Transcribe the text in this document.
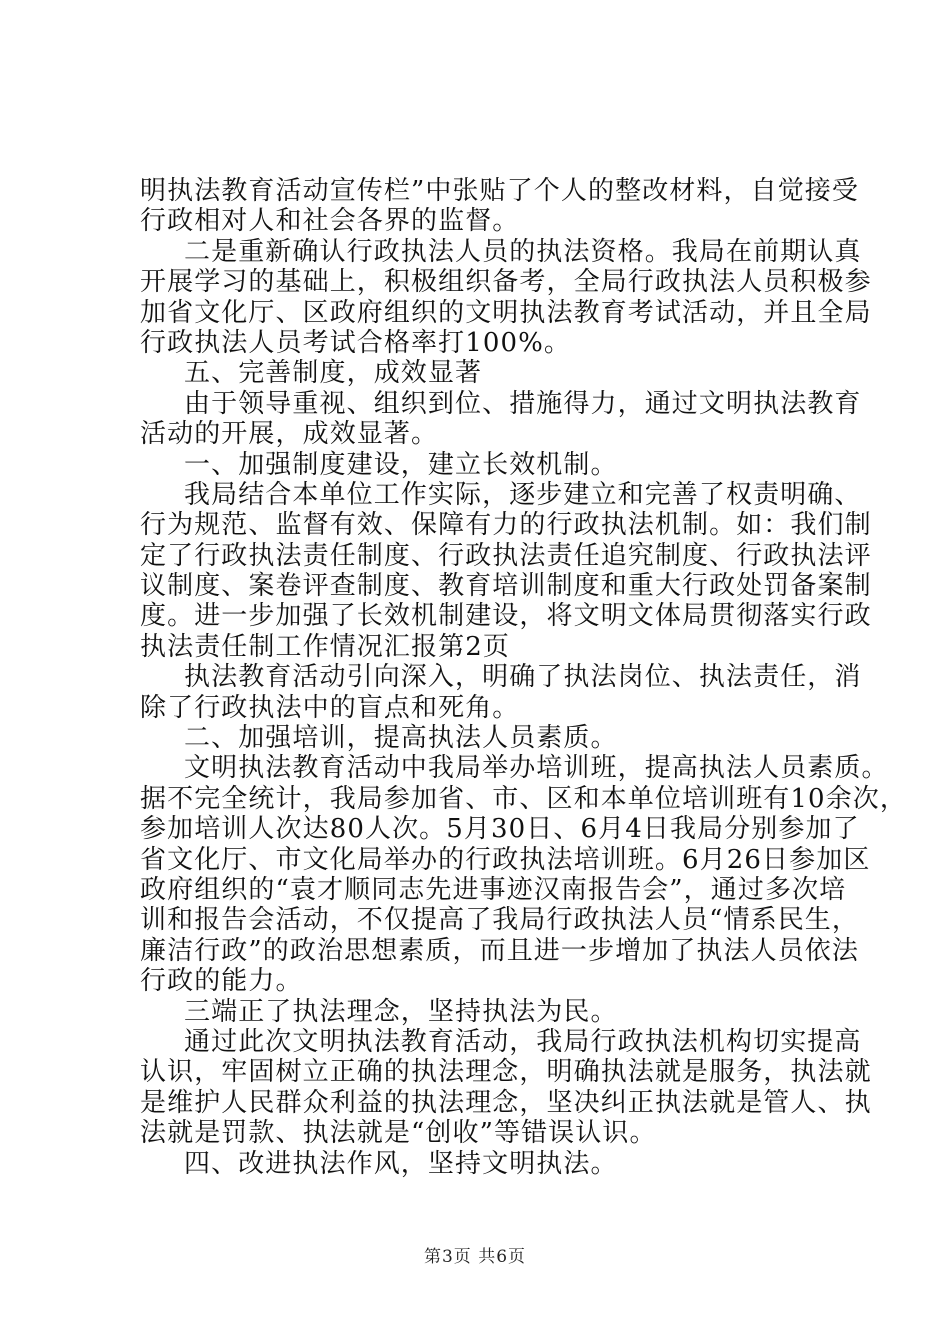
明执法教育活动宣传栏”中张贴了个人的整改材料，自觉接受
行政相对人和社会各界的监督。
二是重新确认行政执法人员的执法资格。我局在前期认真
开展学习的基础上，积极组织备考，全局行政执法人员积极参
加省文化厅、区政府组织的文明执法教育考试活动，并且全局
行政执法人员考试合格率打100%。
五、完善制度，成效显著
由于领导重视、组织到位、措施得力，通过文明执法教育
活动的开展，成效显著。
一、加强制度建设，建立长效机制。
我局结合本单位工作实际，逐步建立和完善了权责明确、
行为规范、监督有效、保障有力的行政执法机制。如：我们制
定了行政执法责任制度、行政执法责任追究制度、行政执法评
议制度、案卷评查制度、教育培训制度和重大行政处罚备案制
度。进一步加强了长效机制建设，将文明文体局贯彻落实行政
执法责任制工作情况汇报第2页
执法教育活动引向深入，明确了执法岗位、执法责任，消
除了行政执法中的盲点和死角。
二、加强培训，提高执法人员素质。
文明执法教育活动中我局举办培训班，提高执法人员素质。
据不完全统计，我局参加省、市、区和本单位培训班有10余次，
参加培训人次达80人次。5月30日、6月4日我局分别参加了
省文化厅、市文化局举办的行政执法培训班。6月26日参加区
政府组织的“袁才顺同志先进事迹汉南报告会”，通过多次培
训和报告会活动，不仅提高了我局行政执法人员“情系民生，
廉洁行政”的政治思想素质，而且进一步增加了执法人员依法
行政的能力。
三端正了执法理念，坚持执法为民。
通过此次文明执法教育活动，我局行政执法机构切实提高
认识，牢固树立正确的执法理念，明确执法就是服务，执法就
是维护人民群众利益的执法理念，坚决纠正执法就是管人、执
法就是罚款、执法就是“创收”等错误认识。
四、改进执法作风，坚持文明执法。
第3页 共6页
